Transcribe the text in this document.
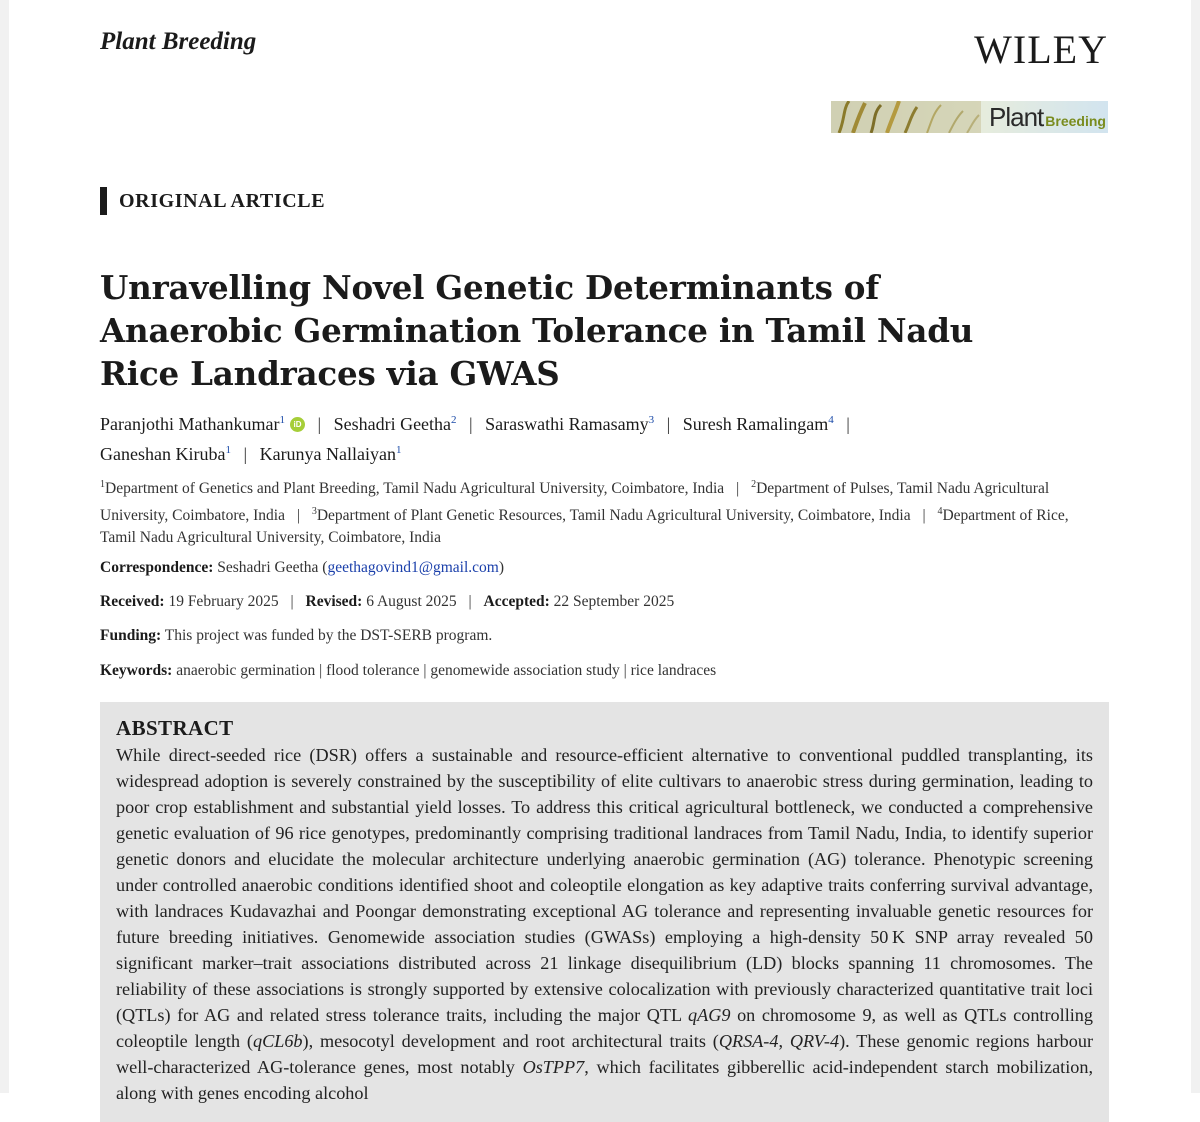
Plant Breeding	WILEY
Plant Breeding
ORIGINAL ARTICLE
Unravelling Novel Genetic Determinants of Anaerobic Germination Tolerance in Tamil Nadu Rice Landraces via GWAS
Paranjothi Mathankumar$^1$ iD | Seshadri Geetha$^2$ | Saraswathi Ramasamy$^3$ | Suresh Ramalingam$^4$ |
Ganeshan Kiruba$^1$ | Karunya Nallaiyan$^1$
$^1$Department of Genetics and Plant Breeding, Tamil Nadu Agricultural University, Coimbatore, India | $^2$Department of Pulses, Tamil Nadu Agricultural University, Coimbatore, India | $^3$Department of Plant Genetic Resources, Tamil Nadu Agricultural University, Coimbatore, India | $^4$Department of Rice, Tamil Nadu Agricultural University, Coimbatore, India
Correspondence: Seshadri Geetha (geethagovind1@gmail.com)
Received: 19 February 2025 | Revised: 6 August 2025 | Accepted: 22 September 2025
Funding: This project was funded by the DST-SERB program.
Keywords: anaerobic germination | flood tolerance | genomewide association study | rice landraces
ABSTRACT
While direct-seeded rice (DSR) offers a sustainable and resource-efficient alternative to conventional puddled transplanting, its widespread adoption is severely constrained by the susceptibility of elite cultivars to anaerobic stress during germination, leading to poor crop establishment and substantial yield losses. To address this critical agricultural bottleneck, we conducted a comprehensive genetic evaluation of 96 rice genotypes, predominantly comprising traditional landraces from Tamil Nadu, India, to identify superior genetic donors and elucidate the molecular architecture underlying anaerobic germination (AG) tolerance. Phenotypic screening under controlled anaerobic conditions identified shoot and coleoptile elongation as key adaptive traits conferring survival advantage, with landraces Kudavazhai and Poongar demonstrating exceptional AG tolerance and representing invaluable genetic resources for future breeding initiatives. Genomewide association studies (GWASs) employing a high-density 50 K SNP array revealed 50 significant marker–trait associations distributed across 21 linkage disequilibrium (LD) blocks spanning 11 chromosomes. The reliability of these associations is strongly supported by extensive colocalization with previously characterized quantitative trait loci (QTLs) for AG and related stress tolerance traits, including the major QTL qAG9 on chromosome 9, as well as QTLs controlling coleoptile length (qCL6b), mesocotyl development and root architectural traits (QRSA-4, QRV-4). These genomic regions harbour well-characterized AG-tolerance genes, most notably OsTPP7, which facilitates gibberellic acid-independent starch mobilization, along with genes encoding alcohol
